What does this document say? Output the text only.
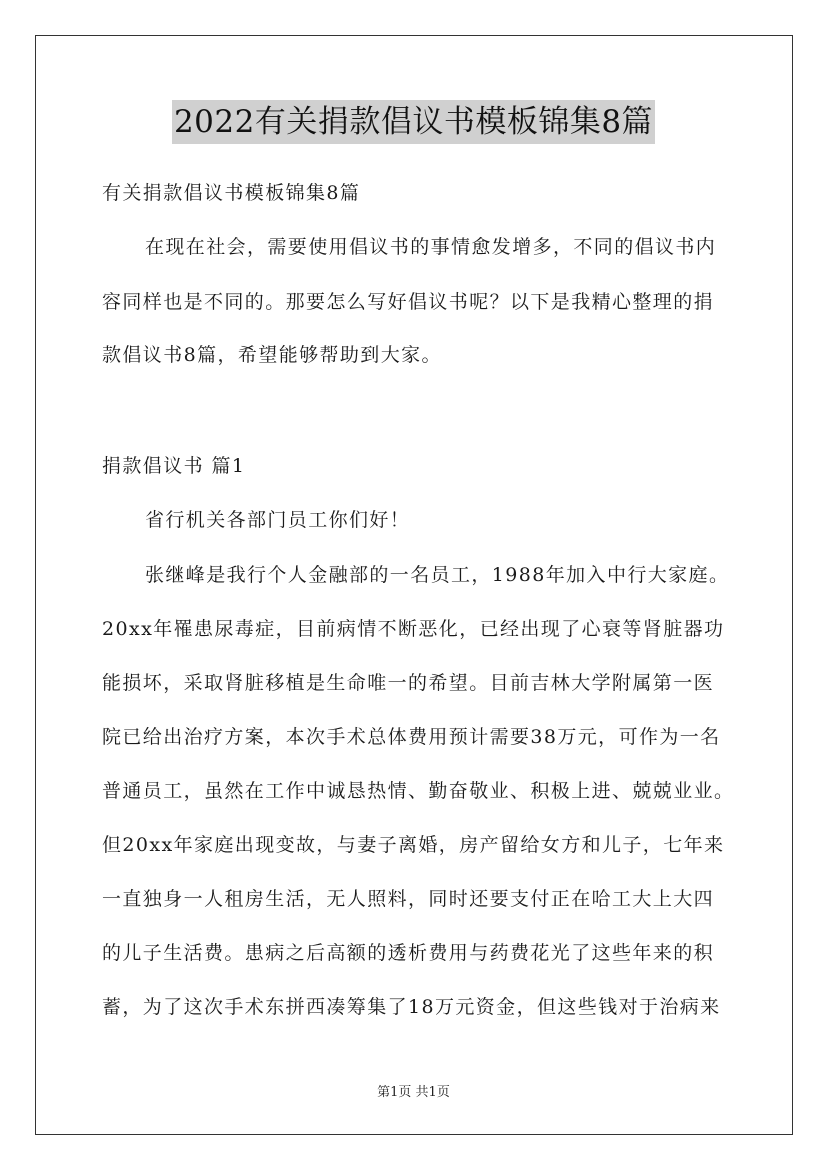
2022有关捐款倡议书模板锦集8篇
有关捐款倡议书模板锦集8篇
在现在社会，需要使用倡议书的事情愈发增多，不同的倡议书内
容同样也是不同的。那要怎么写好倡议书呢？以下是我精心整理的捐
款倡议书8篇，希望能够帮助到大家。
捐款倡议书 篇1
省行机关各部门员工你们好！
张继峰是我行个人金融部的一名员工，1988年加入中行大家庭。
20xx年罹患尿毒症，目前病情不断恶化，已经出现了心衰等肾脏器功
能损坏，采取肾脏移植是生命唯一的希望。目前吉林大学附属第一医
院已给出治疗方案，本次手术总体费用预计需要38万元，可作为一名
普通员工，虽然在工作中诚恳热情、勤奋敬业、积极上进、兢兢业业。
但20xx年家庭出现变故，与妻子离婚，房产留给女方和儿子，七年来
一直独身一人租房生活，无人照料，同时还要支付正在哈工大上大四
的儿子生活费。患病之后高额的透析费用与药费花光了这些年来的积
蓄，为了这次手术东拼西凑筹集了18万元资金，但这些钱对于治病来
第1页 共1页
